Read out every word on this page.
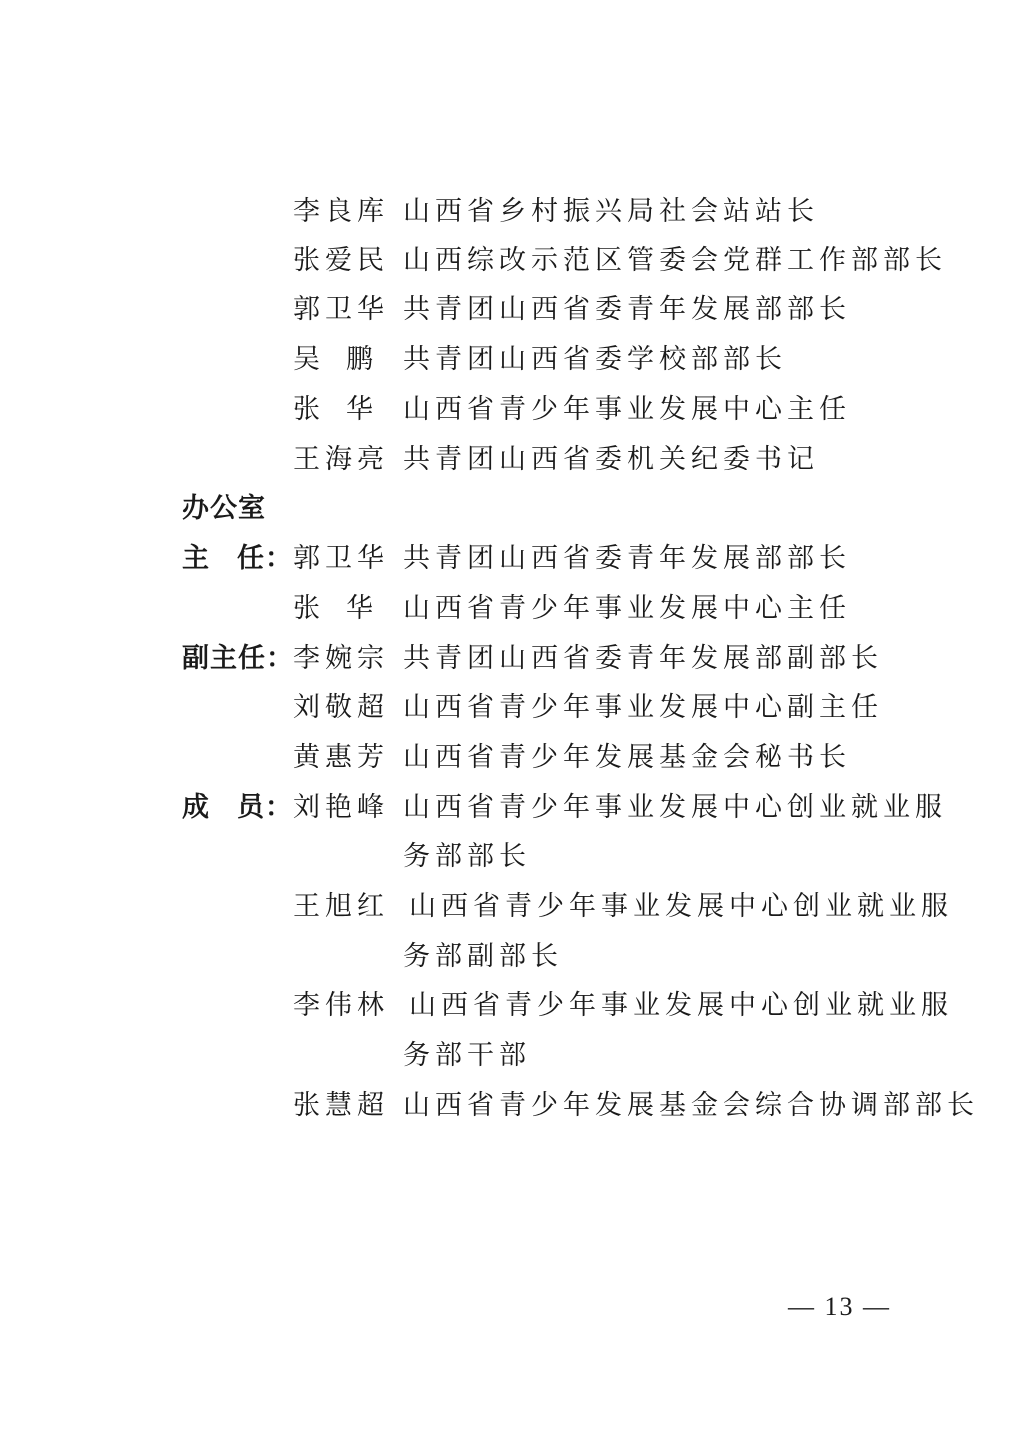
李良库 山西省乡村振兴局社会站站长
张爱民 山西综改示范区管委会党群工作部部长
郭卫华 共青团山西省委青年发展部部长
吴 鹏 共青团山西省委学校部部长
张 华 山西省青少年事业发展中心主任
王海亮 共青团山西省委机关纪委书记
办公室
主 任： 郭卫华 共青团山西省委青年发展部部长
张 华 山西省青少年事业发展中心主任
副主任： 李婉宗 共青团山西省委青年发展部副部长
刘敬超 山西省青少年事业发展中心副主任
黄惠芳 山西省青少年发展基金会秘书长
成 员： 刘艳峰 山西省青少年事业发展中心创业就业服
务部部长
王旭红 山西省青少年事业发展中心创业就业服
务部副部长
李伟林 山西省青少年事业发展中心创业就业服
务部干部
张慧超 山西省青少年发展基金会综合协调部部长
— 13 —
